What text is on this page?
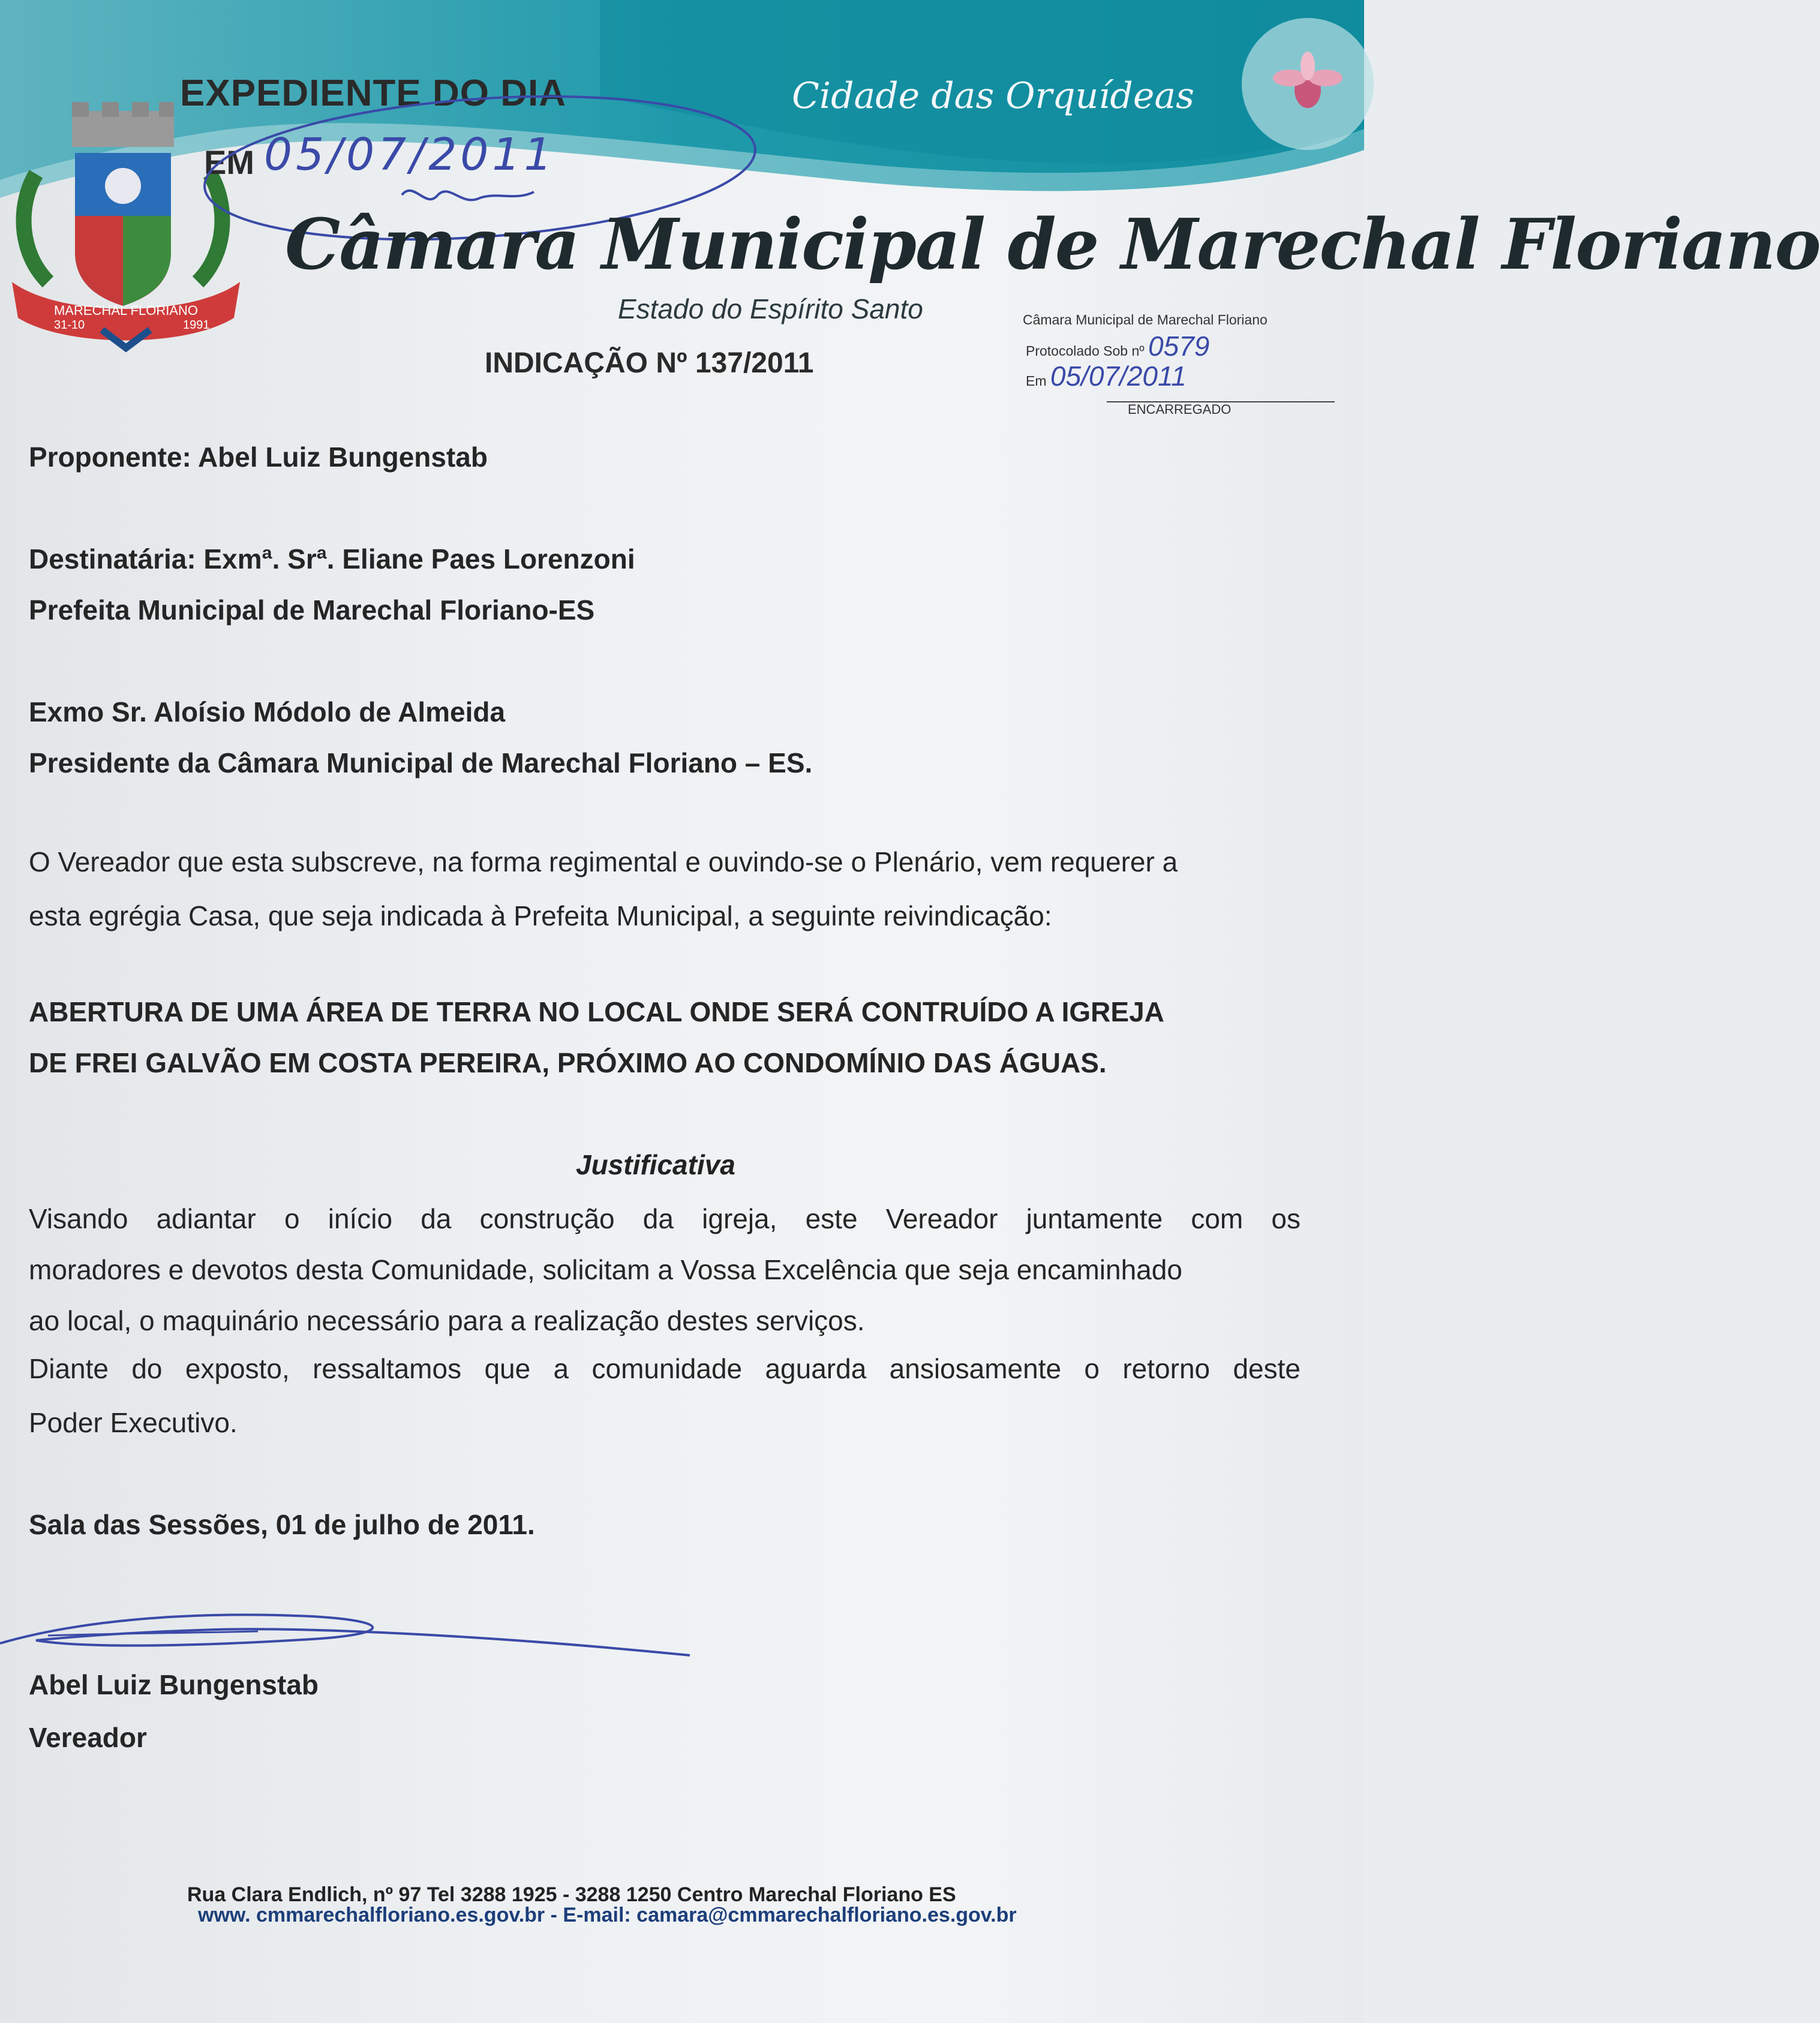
MARECHAL FLORIANO
31-10	1991
EXPEDIENTE DO DIA
EM 05/07/2011
Cidade das Orquídeas
Câmara Municipal de Marechal Floriano
Estado do Espírito Santo	Câmara Municipal de Marechal Floriano
Protocolado Sob nº 0579
Em 05/07/2011
ENCARREGADO
INDICAÇÃO Nº 137/2011
Proponente: Abel Luiz Bungenstab
Destinatária: Exmª. Srª. Eliane Paes Lorenzoni
Prefeita Municipal de Marechal Floriano-ES
Exmo Sr. Aloísio Módolo de Almeida
Presidente da Câmara Municipal de Marechal Floriano – ES.
O Vereador que esta subscreve, na forma regimental e ouvindo-se o Plenário, vem requerer a
esta egrégia Casa, que seja indicada à Prefeita Municipal, a seguinte reivindicação:
ABERTURA DE UMA ÁREA DE TERRA NO LOCAL ONDE SERÁ CONTRUÍDO A IGREJA
DE FREI GALVÃO EM COSTA PEREIRA, PRÓXIMO AO CONDOMÍNIO DAS ÁGUAS.
Justificativa
Visando adiantar o início da construção da igreja, este Vereador juntamente com os
moradores e devotos desta Comunidade, solicitam a Vossa Excelência que seja encaminhado
ao local, o maquinário necessário para a realização destes serviços.
Diante do exposto, ressaltamos que a comunidade aguarda ansiosamente o retorno deste
Poder Executivo.
Sala das Sessões, 01 de julho de 2011.
Abel Luiz Bungenstab
Vereador
Rua Clara Endlich, nº 97 Tel 3288 1925 - 3288 1250 Centro Marechal Floriano ES
www. cmmarechalfloriano.es.gov.br - E-mail: camara@cmmarechalfloriano.es.gov.br
